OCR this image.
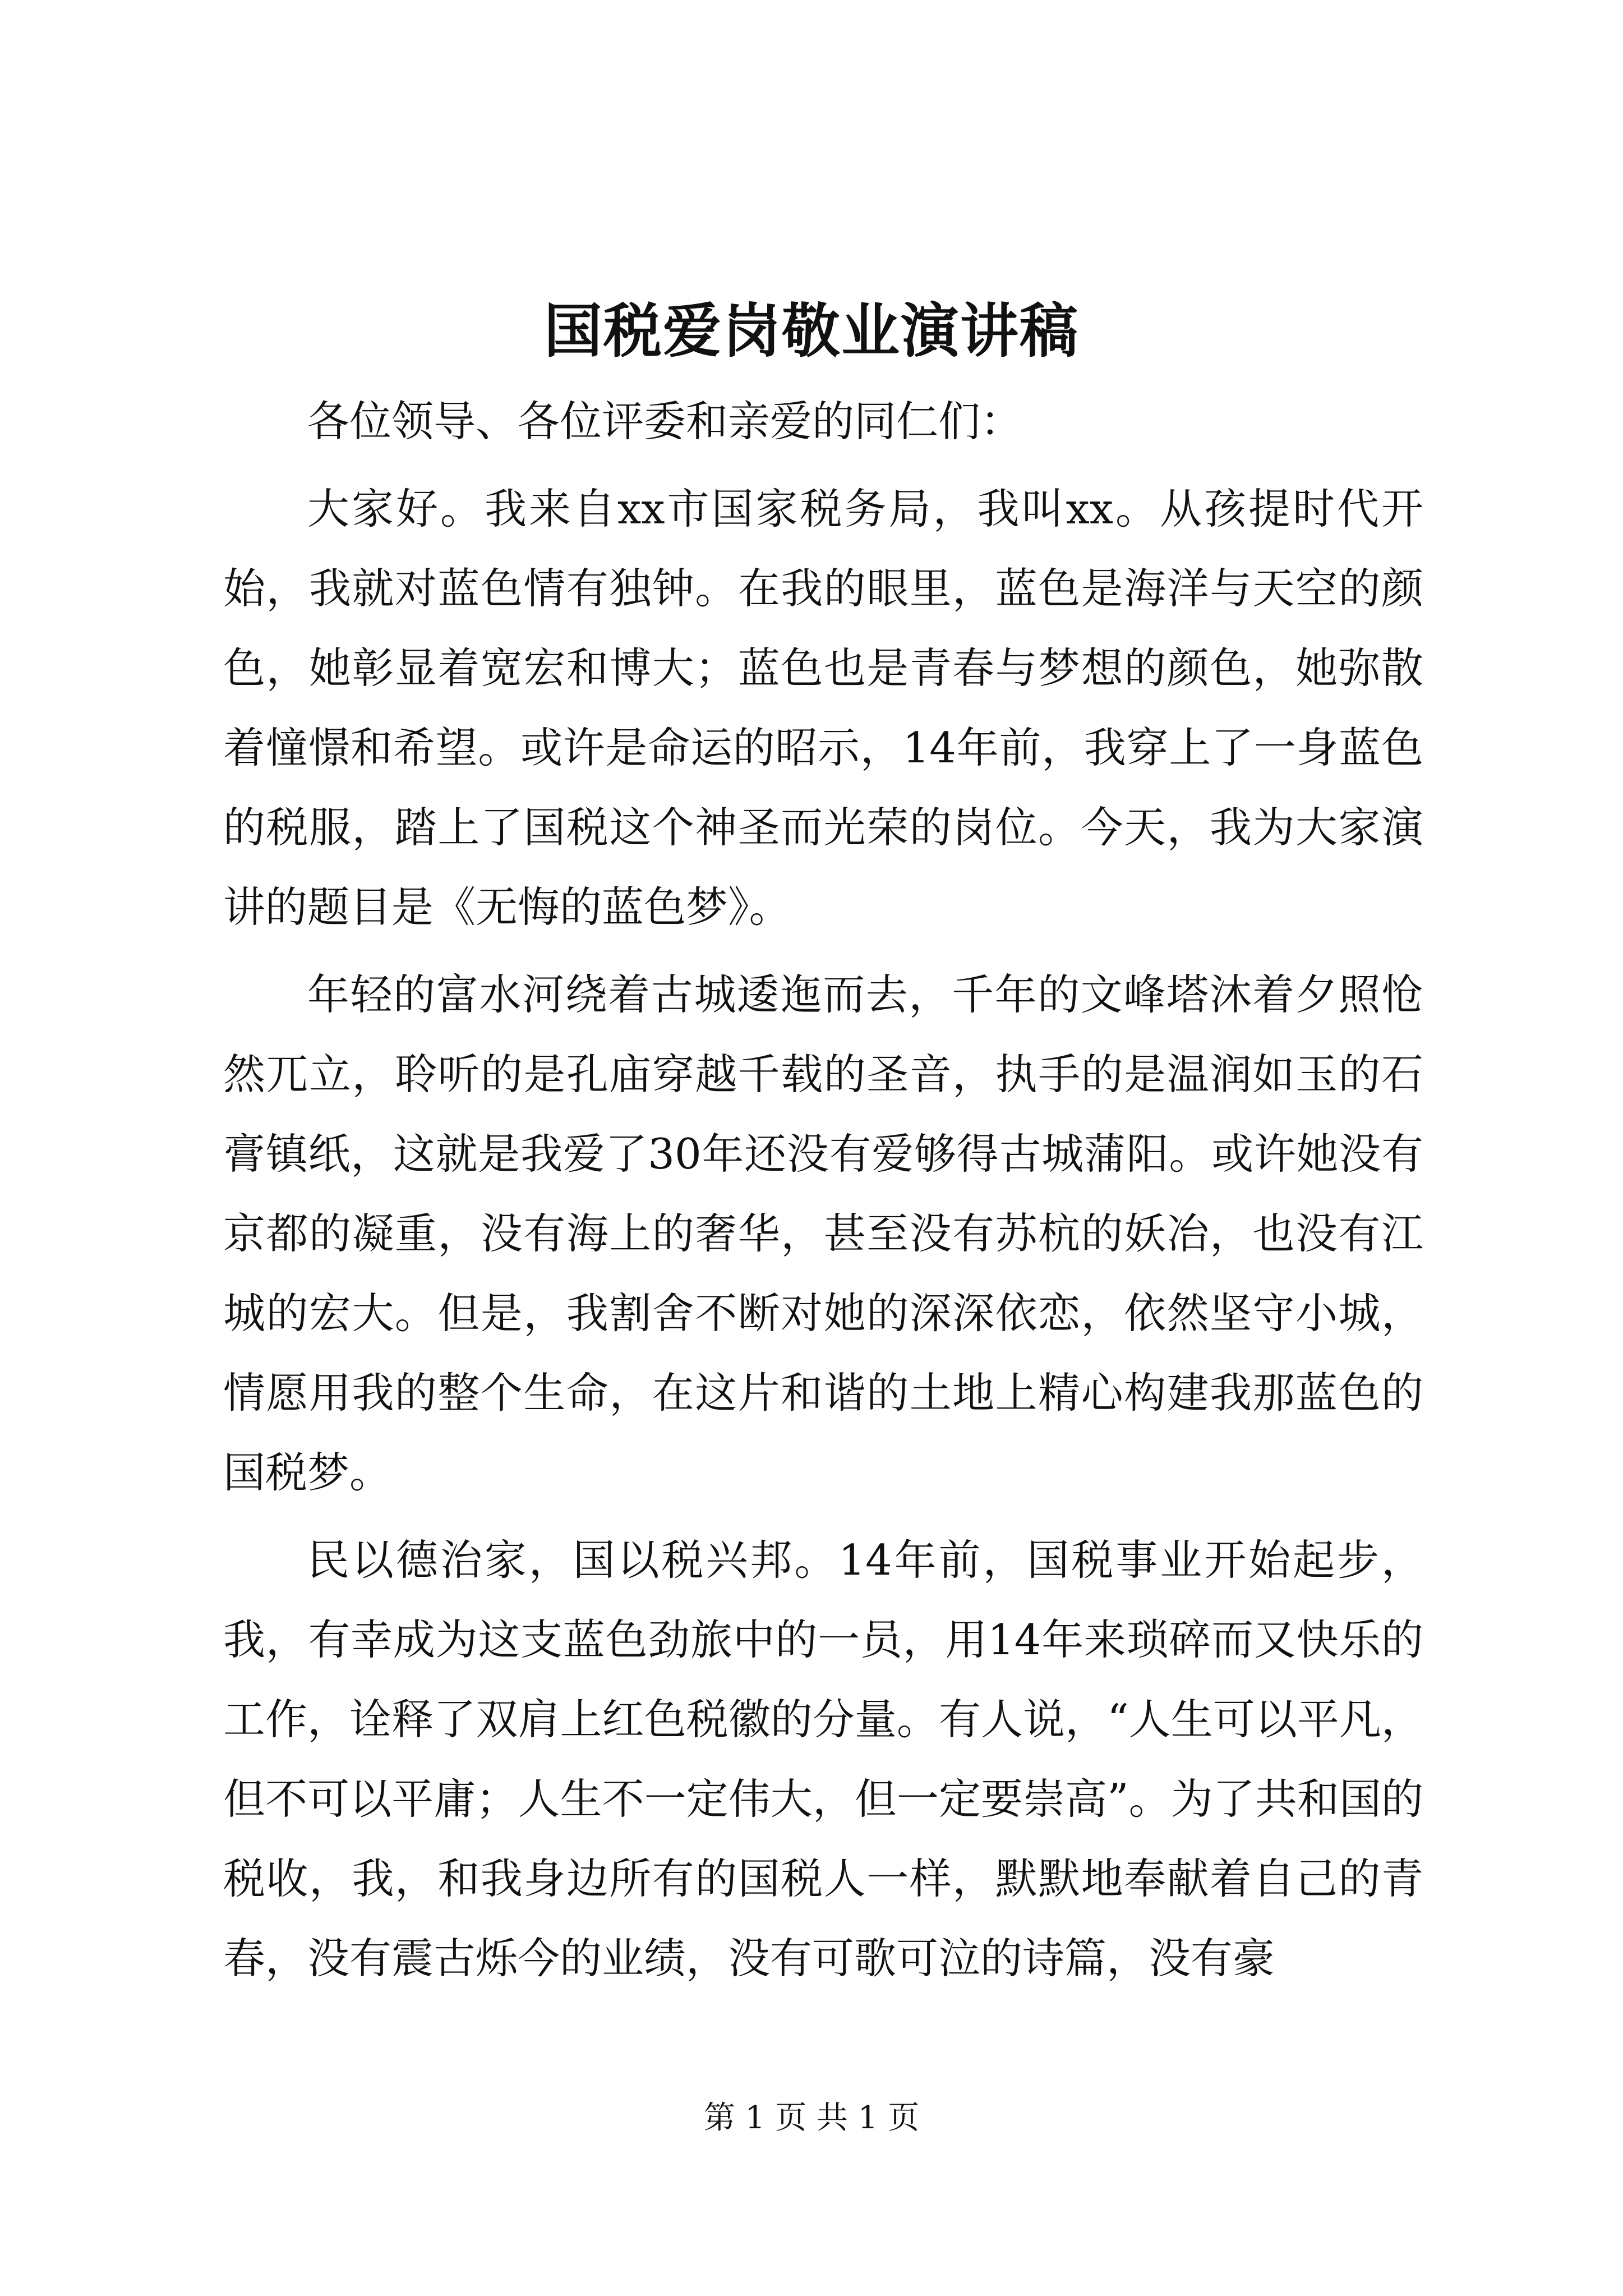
国税爱岗敬业演讲稿

各位领导、各位评委和亲爱的同仁们：

大家好。我来自xx市国家税务局，我叫xx。从孩提时代开始，我就对蓝色情有独钟。在我的眼里，蓝色是海洋与天空的颜色，她彰显着宽宏和博大；蓝色也是青春与梦想的颜色，她弥散着憧憬和希望。或许是命运的昭示，14年前，我穿上了一身蓝色的税服，踏上了国税这个神圣而光荣的岗位。今天，我为大家演讲的题目是《无悔的蓝色梦》。

年轻的富水河绕着古城逶迤而去，千年的文峰塔沐着夕照怆然兀立，聆听的是孔庙穿越千载的圣音，执手的是温润如玉的石膏镇纸，这就是我爱了30年还没有爱够得古城蒲阳。或许她没有京都的凝重，没有海上的奢华，甚至没有苏杭的妖冶，也没有江城的宏大。但是，我割舍不断对她的深深依恋，依然坚守小城，情愿用我的整个生命，在这片和谐的土地上精心构建我那蓝色的国税梦。

民以德治家，国以税兴邦。14年前，国税事业开始起步，我，有幸成为这支蓝色劲旅中的一员，用14年来琐碎而又快乐的工作，诠释了双肩上红色税徽的分量。有人说，“人生可以平凡，但不可以平庸；人生不一定伟大，但一定要崇高”。为了共和国的税收，我，和我身边所有的国税人一样，默默地奉献着自己的青春，没有震古烁今的业绩，没有可歌可泣的诗篇，没有豪

第 1 页 共 1 页
